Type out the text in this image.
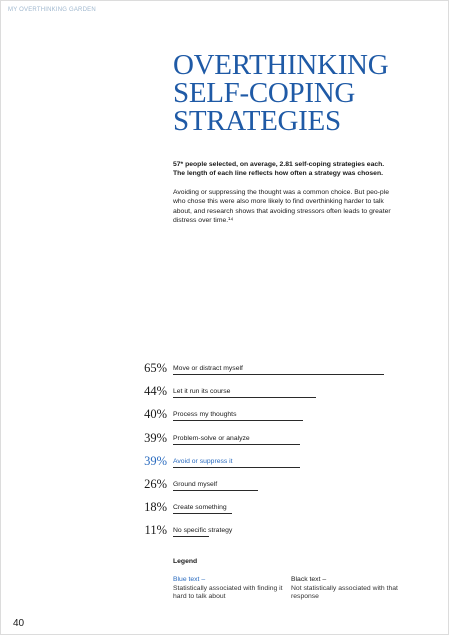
MY OVERTHINKING GARDEN
OVERTHINKING
SELF-COPING
STRATEGIES

57* people selected, on average, 2.81 self-coping strategies each. The length of each line reflects how often a strategy was chosen.

Avoiding or suppressing the thought was a common choice. But peo-ple who chose this were also more likely to find overthinking harder to talk about, and research shows that avoiding stressors often leads to greater distress over time.¹⁴

65% Move or distract myself
44% Let it run its course
40% Process my thoughts
39% Problem-solve or analyze
39% Avoid or suppress it
26% Ground myself
18% Create something
11% No specific strategy
Legend
Blue text –
Statistically associated with finding it hard to talk about
Black text –
Not statistically associated with that response
40
